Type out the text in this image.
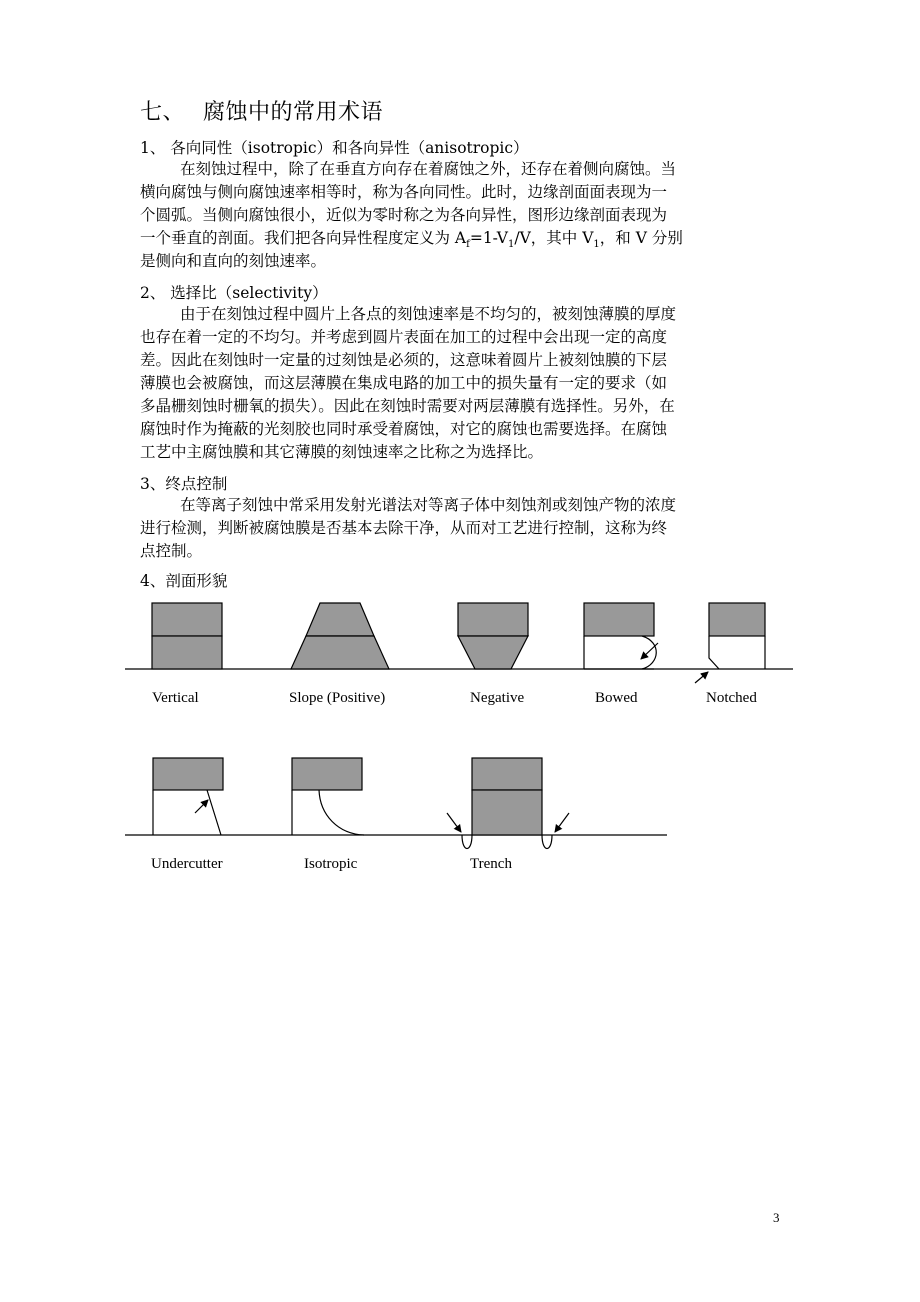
七、 腐蚀中的常用术语
1、 各向同性（isotropic）和各向异性（anisotropic）
在刻蚀过程中，除了在垂直方向存在着腐蚀之外，还存在着侧向腐蚀。当
横向腐蚀与侧向腐蚀速率相等时，称为各向同性。此时，边缘剖面面表现为一
个圆弧。当侧向腐蚀很小，近似为零时称之为各向异性，图形边缘剖面表现为
一个垂直的剖面。我们把各向异性程度定义为 $A_f=1-V_1/V$，其中 $V_1$，和 V 分别
是侧向和直向的刻蚀速率。
2、 选择比（selectivity）
由于在刻蚀过程中圆片上各点的刻蚀速率是不均匀的，被刻蚀薄膜的厚度
也存在着一定的不均匀。并考虑到圆片表面在加工的过程中会出现一定的高度
差。因此在刻蚀时一定量的过刻蚀是必须的，这意味着圆片上被刻蚀膜的下层
薄膜也会被腐蚀，而这层薄膜在集成电路的加工中的损失量有一定的要求（如
多晶栅刻蚀时栅氧的损失）。因此在刻蚀时需要对两层薄膜有选择性。另外，在
腐蚀时作为掩蔽的光刻胶也同时承受着腐蚀，对它的腐蚀也需要选择。在腐蚀
工艺中主腐蚀膜和其它薄膜的刻蚀速率之比称之为选择比。
3、终点控制
在等离子刻蚀中常采用发射光谱法对等离子体中刻蚀剂或刻蚀产物的浓度
进行检测，判断被腐蚀膜是否基本去除干净，从而对工艺进行控制，这称为终
点控制。
4、剖面形貌
Vertical	Slope (Positive)	Negative	Bowed	Notched
Undercutter	Isotropic	Trench
3
